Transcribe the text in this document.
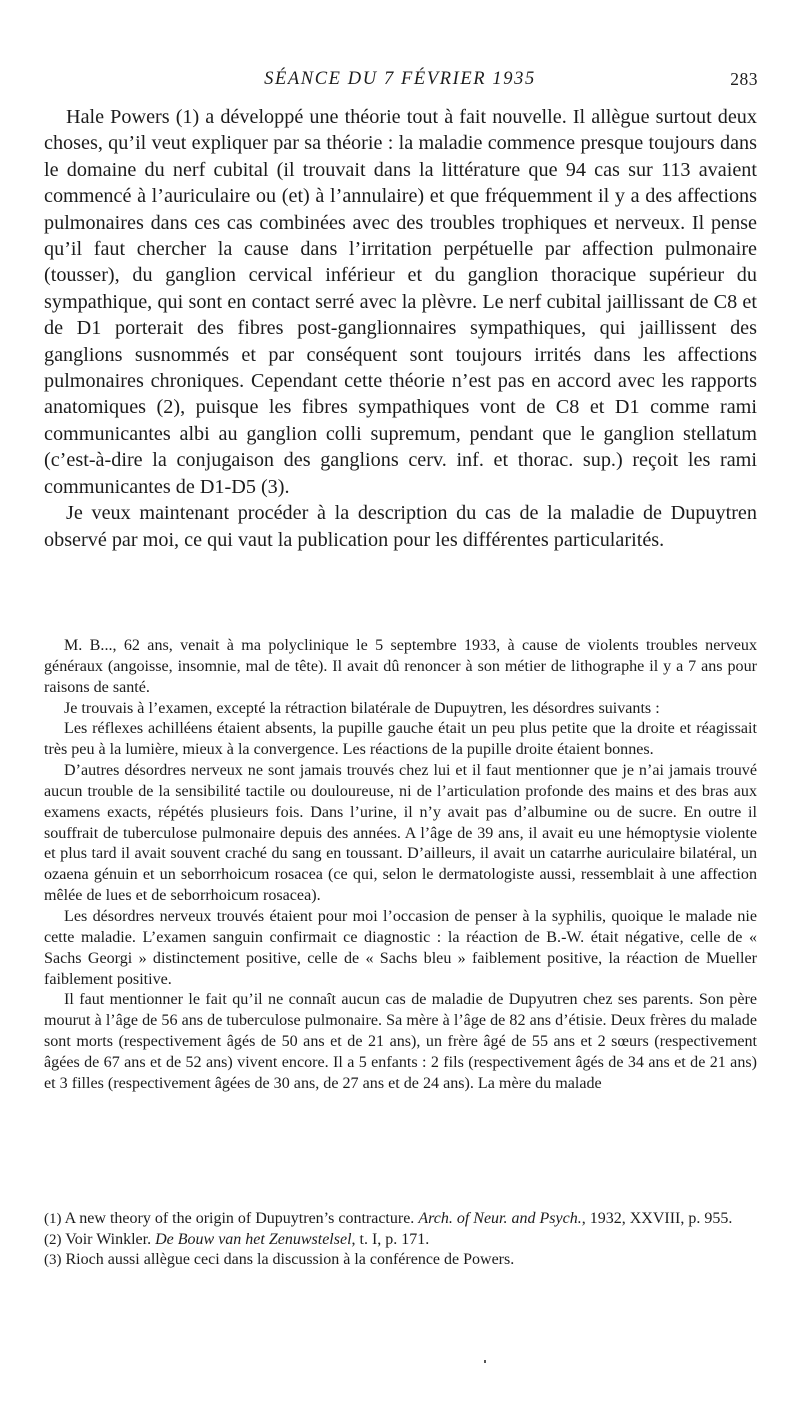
SÉANCE DU 7 FÉVRIER 1935	283

Hale Powers (1) a développé une théorie tout à fait nouvelle. Il allègue surtout deux choses, qu’il veut expliquer par sa théorie : la maladie commence presque toujours dans le domaine du nerf cubital (il trouvait dans la littérature que 94 cas sur 113 avaient commencé à l’auriculaire ou (et) à l’annulaire) et que fréquemment il y a des affections pulmonaires dans ces cas combinées avec des troubles trophiques et nerveux. Il pense qu’il faut chercher la cause dans l’irritation perpétuelle par affection pulmonaire (tousser), du ganglion cervical inférieur et du ganglion thoracique supérieur du sympathique, qui sont en contact serré avec la plèvre. Le nerf cubital jaillissant de C8 et de D1 porterait des fibres post-ganglionnaires sympathiques, qui jaillissent des ganglions susnommés et par conséquent sont toujours irrités dans les affections pulmonaires chroniques. Cependant cette théorie n’est pas en accord avec les rapports anatomiques (2), puisque les fibres sympathiques vont de C8 et D1 comme rami communicantes albi au ganglion colli supremum, pendant que le ganglion stellatum (c’est-à-dire la conjugaison des ganglions cerv. inf. et thorac. sup.) reçoit les rami communicantes de D1-D5 (3).

Je veux maintenant procéder à la description du cas de la maladie de Dupuytren observé par moi, ce qui vaut la publication pour les différentes particularités.

M. B..., 62 ans, venait à ma polyclinique le 5 septembre 1933, à cause de violents troubles nerveux généraux (angoisse, insomnie, mal de tête). Il avait dû renoncer à son métier de lithographe il y a 7 ans pour raisons de santé.

Je trouvais à l’examen, excepté la rétraction bilatérale de Dupuytren, les désordres suivants :

Les réflexes achilléens étaient absents, la pupille gauche était un peu plus petite que la droite et réagissait très peu à la lumière, mieux à la convergence. Les réactions de la pupille droite étaient bonnes.

D’autres désordres nerveux ne sont jamais trouvés chez lui et il faut mentionner que je n’ai jamais trouvé aucun trouble de la sensibilité tactile ou douloureuse, ni de l’articulation profonde des mains et des bras aux examens exacts, répétés plusieurs fois. Dans l’urine, il n’y avait pas d’albumine ou de sucre. En outre il souffrait de tuberculose pulmonaire depuis des années. A l’âge de 39 ans, il avait eu une hémoptysie violente et plus tard il avait souvent craché du sang en toussant. D’ailleurs, il avait un catarrhe auriculaire bilatéral, un ozaena génuin et un seborrhoicum rosacea (ce qui, selon le dermatologiste aussi, ressemblait à une affection mêlée de lues et de seborrhoicum rosacea).

Les désordres nerveux trouvés étaient pour moi l’occasion de penser à la syphilis, quoique le malade nie cette maladie. L’examen sanguin confirmait ce diagnostic : la réaction de B.-W. était négative, celle de « Sachs Georgi » distinctement positive, celle de « Sachs bleu » faiblement positive, la réaction de Mueller faiblement positive.

Il faut mentionner le fait qu’il ne connaît aucun cas de maladie de Dupyutren chez ses parents. Son père mourut à l’âge de 56 ans de tuberculose pulmonaire. Sa mère à l’âge de 82 ans d’étisie. Deux frères du malade sont morts (respectivement âgés de 50 ans et de 21 ans), un frère âgé de 55 ans et 2 sœurs (respectivement âgées de 67 ans et de 52 ans) vivent encore. Il a 5 enfants : 2 fils (respectivement âgés de 34 ans et de 21 ans) et 3 filles (respectivement âgées de 30 ans, de 27 ans et de 24 ans). La mère du malade

(1) A new theory of the origin of Dupuytren’s contracture. Arch. of Neur. and Psych., 1932, XXVIII, p. 955.

(2) Voir Winkler. De Bouw van het Zenuwstelsel, t. I, p. 171.

(3) Rioch aussi allègue ceci dans la discussion à la conférence de Powers.
